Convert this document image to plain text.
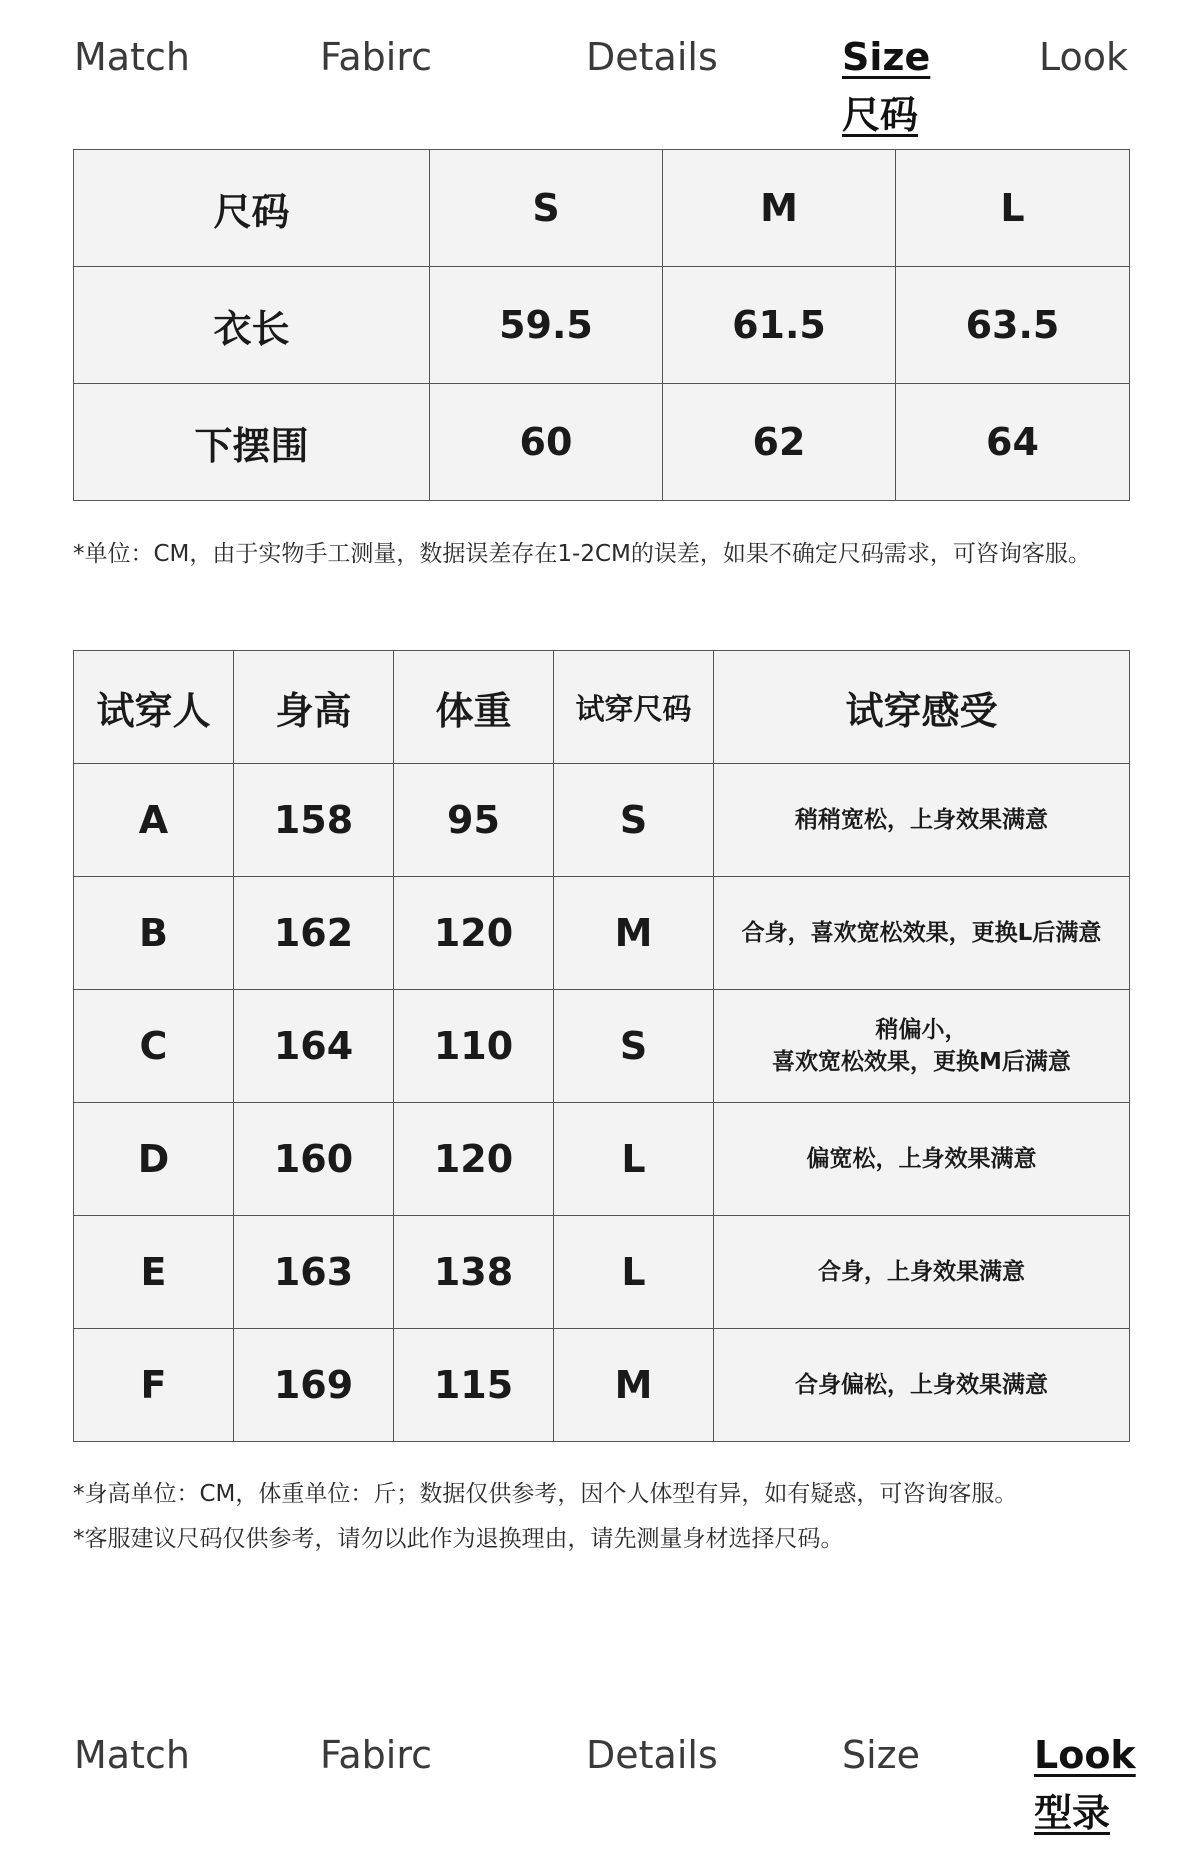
Match	Fabirc	Details	Size
尺码
Look
尺码	S	M	L
衣长	59.5	61.5	63.5
下摆围	60	62	64
*单位：CM，由于实物手工测量，数据误差存在1-2CM的误差，如果不确定尺码需求，可咨询客服。
试穿人	身高	体重	试穿尺码	试穿感受
A	158	95	S	稍稍宽松，上身效果满意

B	162	120	M	合身，喜欢宽松效果，更换L后满意

C	164	110	S	稍偏小，
喜欢宽松效果，更换M后满意

D	160	120	L	偏宽松，上身效果满意

E	163	138	L	合身，上身效果满意

F	169	115	M	合身偏松，上身效果满意
*身高单位：CM，体重单位：斤；数据仅供参考，因个人体型有异，如有疑惑，可咨询客服。
*客服建议尺码仅供参考，请勿以此作为退换理由，请先测量身材选择尺码。
Match	Fabirc	Details	Size	Look
型录
